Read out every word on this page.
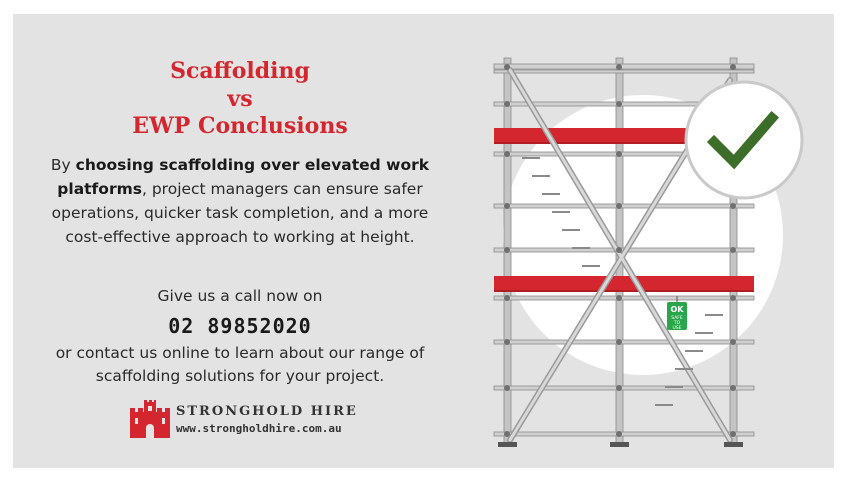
Scaffolding
vs
EWP Conclusions
By choosing scaffolding over elevated work platforms, project managers can ensure safer operations, quicker task completion, and a more cost-effective approach to working at height.
Give us a call now on
02 89852020
or contact us online to learn about our range of scaffolding solutions for your project.
STRONGHOLD HIRE
www.strongholdhire.com.au
OK
SAFE
TO
USE
